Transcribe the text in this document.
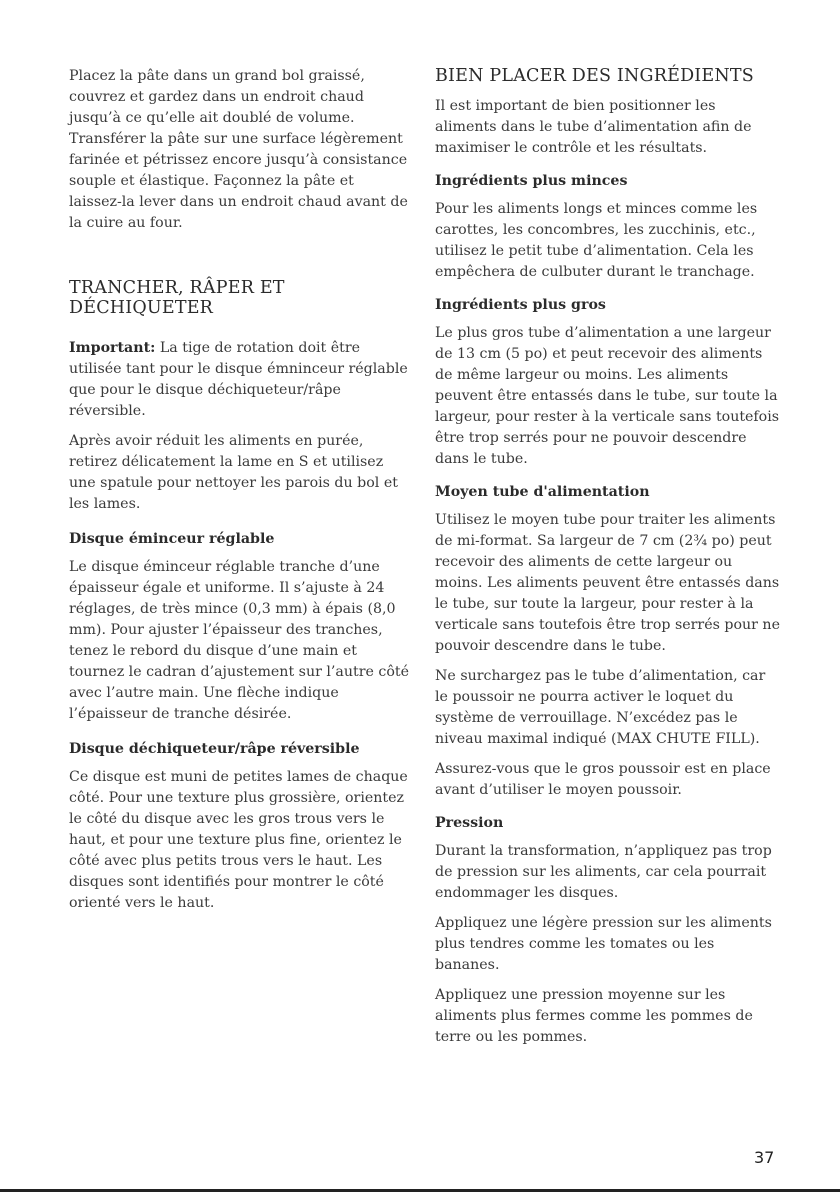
Placez la pâte dans un grand bol graissé, couvrez et gardez dans un endroit chaud jusqu’à ce qu’elle ait doublé de volume. Transférer la pâte sur une surface légèrement farinée et pétrissez encore jusqu’à consistance souple et élastique. Façonnez la pâte et laissez-la lever dans un endroit chaud avant de la cuire au four.

TRANCHER, RÂPER ET DÉCHIQUETER

Important: La tige de rotation doit être utilisée tant pour le disque émninceur réglable que pour le disque déchiqueteur/râpe réversible.

Après avoir réduit les aliments en purée, retirez délicatement la lame en S et utilisez une spatule pour nettoyer les parois du bol et les lames.

Disque éminceur réglable

Le disque éminceur réglable tranche d’une épaisseur égale et uniforme. Il s’ajuste à 24 réglages, de très mince (0,3 mm) à épais (8,0 mm). Pour ajuster l’épaisseur des tranches, tenez le rebord du disque d’une main et tournez le cadran d’ajustement sur l’autre côté avec l’autre main. Une flèche indique l’épaisseur de tranche désirée.

Disque déchiqueteur/râpe réversible

Ce disque est muni de petites lames de chaque côté. Pour une texture plus grossière, orientez le côté du disque avec les gros trous vers le haut, et pour une texture plus fine, orientez le côté avec plus petits trous vers le haut. Les disques sont identifiés pour montrer le côté orienté vers le haut.

BIEN PLACER DES INGRÉDIENTS

Il est important de bien positionner les aliments dans le tube d’alimentation afin de maximiser le contrôle et les résultats.

Ingrédients plus minces

Pour les aliments longs et minces comme les carottes, les concombres, les zucchinis, etc., utilisez le petit tube d’alimentation. Cela les empêchera de culbuter durant le tranchage.

Ingrédients plus gros

Le plus gros tube d’alimentation a une largeur de 13 cm (5 po) et peut recevoir des aliments de même largeur ou moins. Les aliments peuvent être entassés dans le tube, sur toute la largeur, pour rester à la verticale sans toutefois être trop serrés pour ne pouvoir descendre dans le tube.

Moyen tube d'alimentation

Utilisez le moyen tube pour traiter les aliments de mi-format. Sa largeur de 7 cm (2¾ po) peut recevoir des aliments de cette largeur ou moins. Les aliments peuvent être entassés dans le tube, sur toute la largeur, pour rester à la verticale sans toutefois être trop serrés pour ne pouvoir descendre dans le tube.

Ne surchargez pas le tube d’alimentation, car le poussoir ne pourra activer le loquet du système de verrouillage. N’excédez pas le niveau maximal indiqué (MAX CHUTE FILL).

Assurez-vous que le gros poussoir est en place avant d’utiliser le moyen poussoir.

Pression

Durant la transformation, n’appliquez pas trop de pression sur les aliments, car cela pourrait endommager les disques.

Appliquez une légère pression sur les aliments plus tendres comme les tomates ou les bananes.

Appliquez une pression moyenne sur les aliments plus fermes comme les pommes de terre ou les pommes.

37
